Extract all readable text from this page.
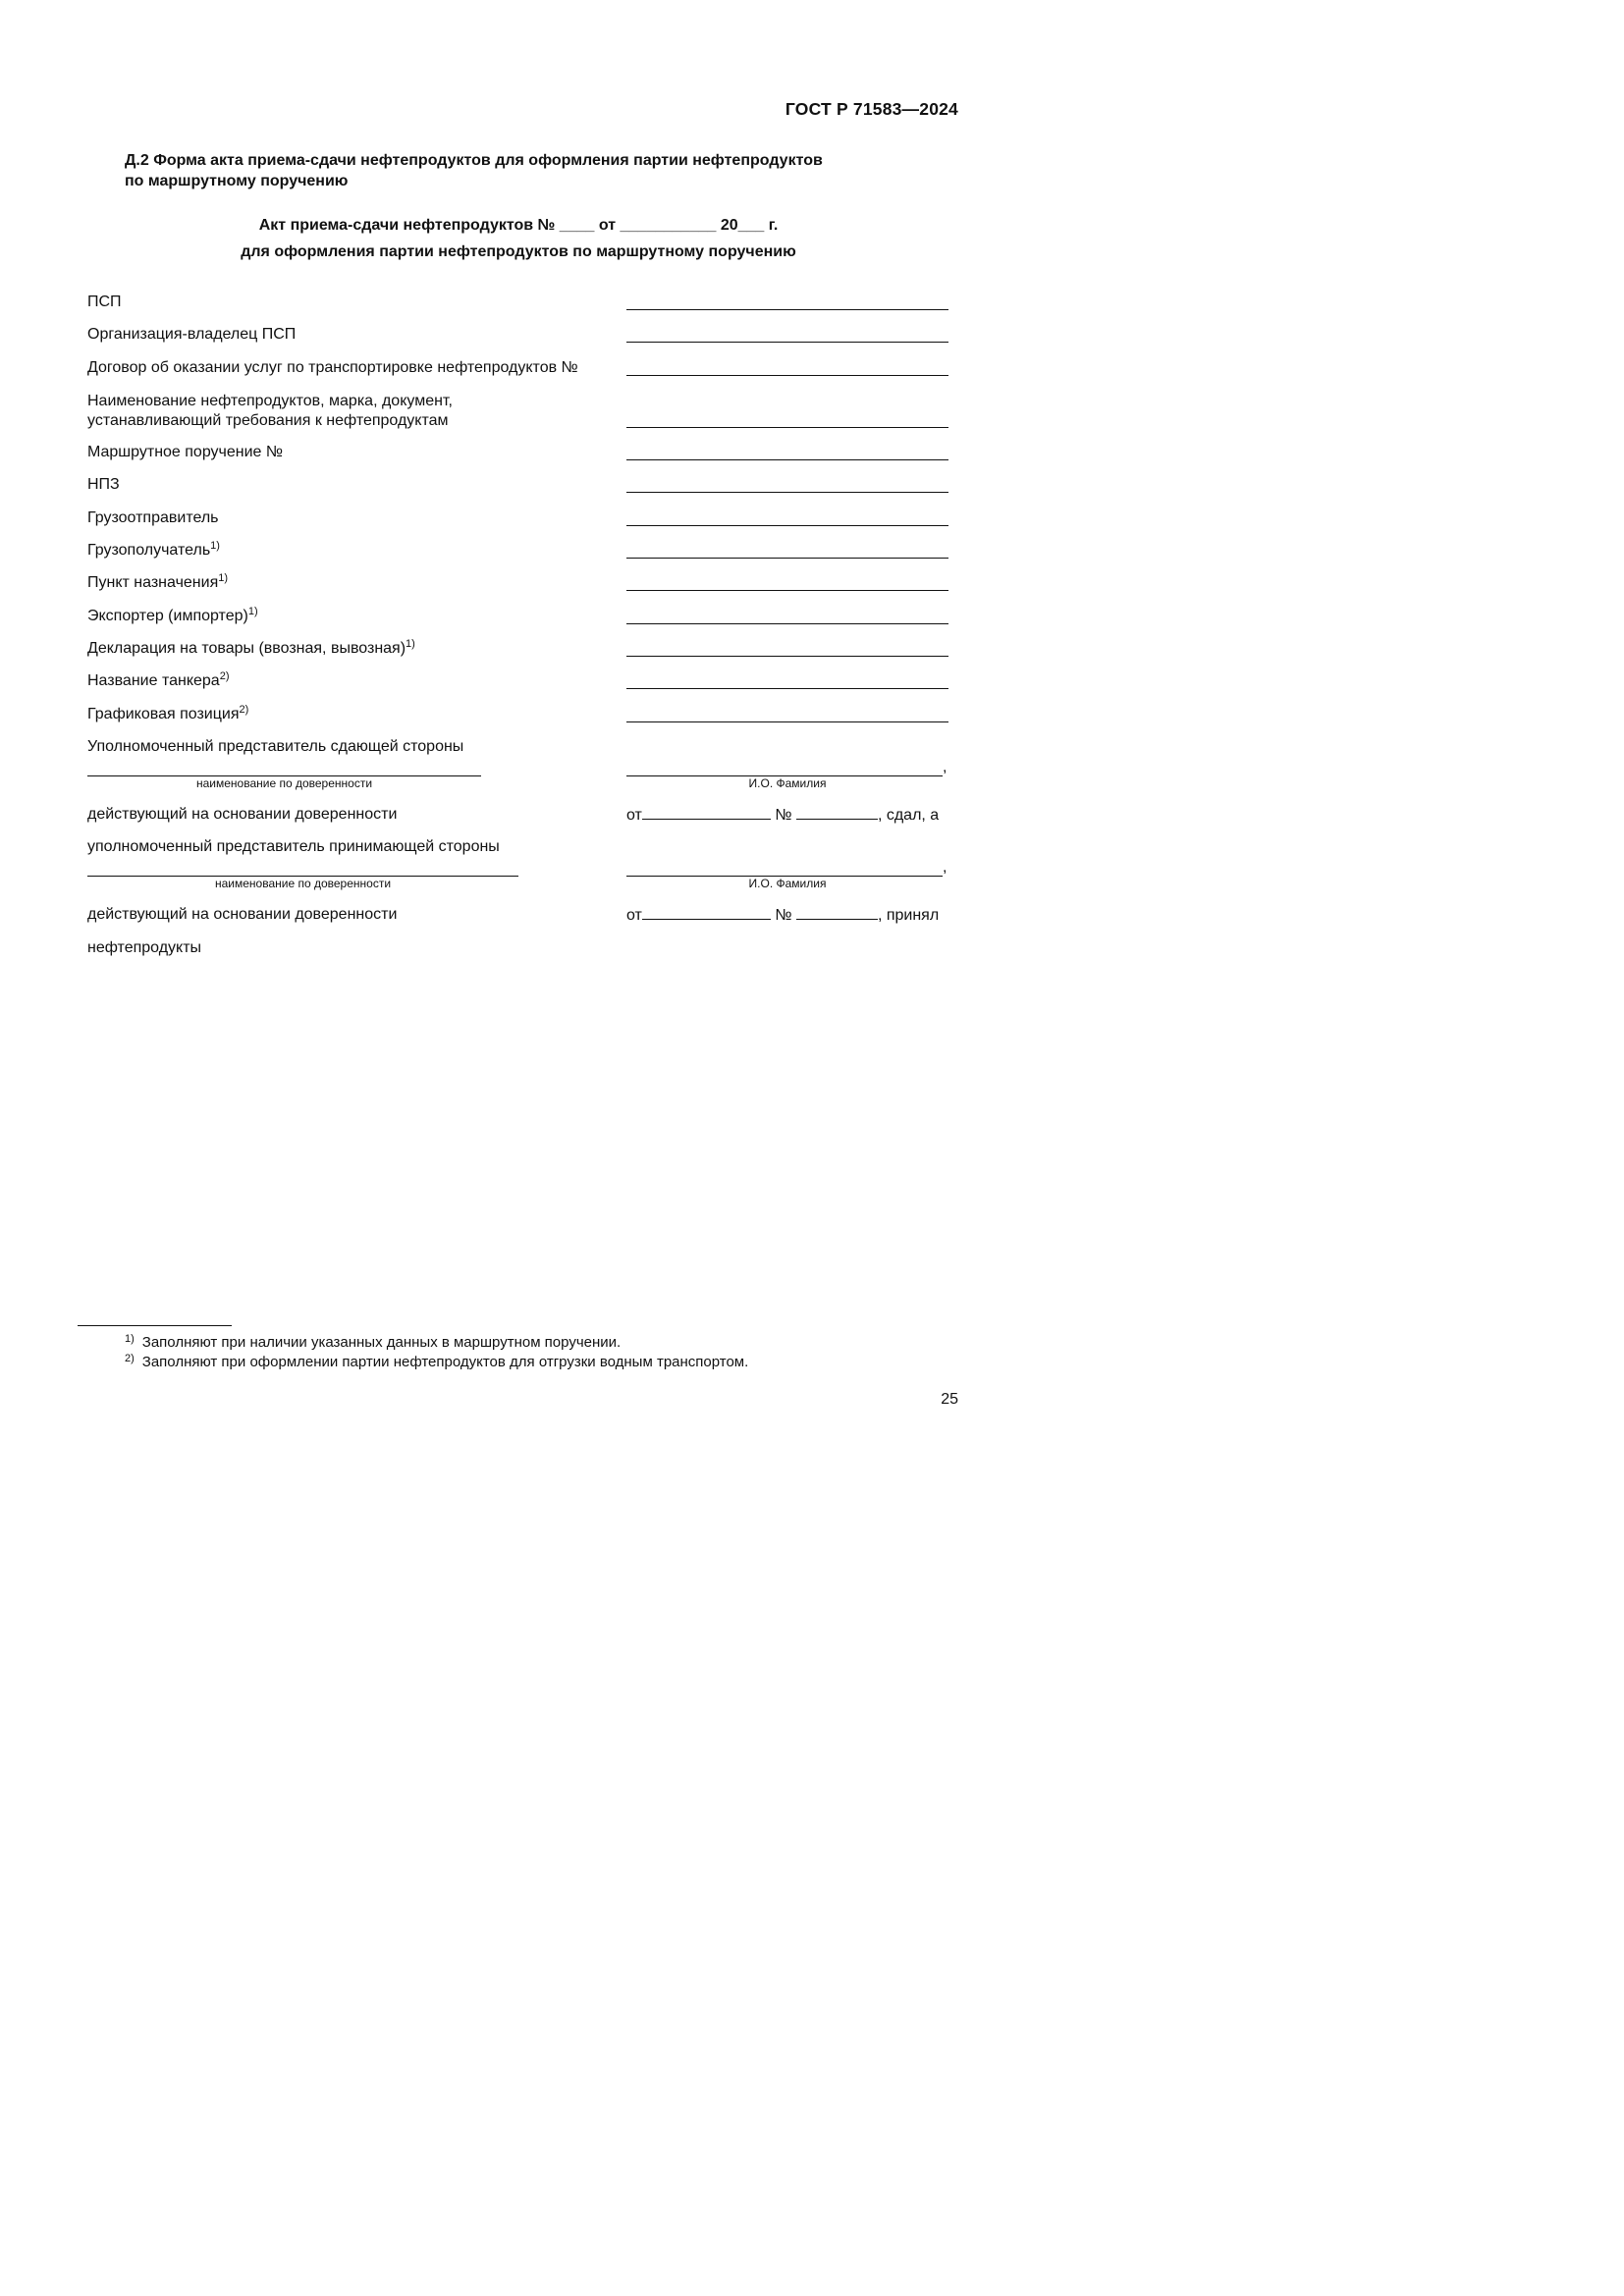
ГОСТ Р 71583—2024
Д.2 Форма акта приема-сдачи нефтепродуктов для оформления партии нефтепродуктов
по маршрутному поручению
Акт приема-сдачи нефтепродуктов № ____ от ___________ 20___ г.
для оформления партии нефтепродуктов по маршрутному поручению
ПСП
Организация-владелец ПСП
Договор об оказании услуг по транспортировке нефтепродуктов №
Наименование нефтепродуктов, марка, документ,
устанавливающий требования к нефтепродуктам
Маршрутное поручение №
НПЗ
Грузоотправитель
Грузополучатель$^{1)}$
Пункт назначения$^{1)}$
Экспортер (импортер)$^{1)}$
Декларация на товары (ввозная, вывозная)$^{1)}$
Название танкера$^{2)}$
Графиковая позиция$^{2)}$
Уполномоченный представитель сдающей стороны
наименование по доверенности
,
И.О. Фамилия
действующий на основании доверенности	от	№	, сдал, а
уполномоченный представитель принимающей стороны
наименование по доверенности
,
И.О. Фамилия
действующий на основании доверенности	от	№	, принял
нефтепродукты
$^{1)}$ Заполняют при наличии указанных данных в маршрутном поручении.
$^{2)}$ Заполняют при оформлении партии нефтепродуктов для отгрузки водным транспортом.
25
